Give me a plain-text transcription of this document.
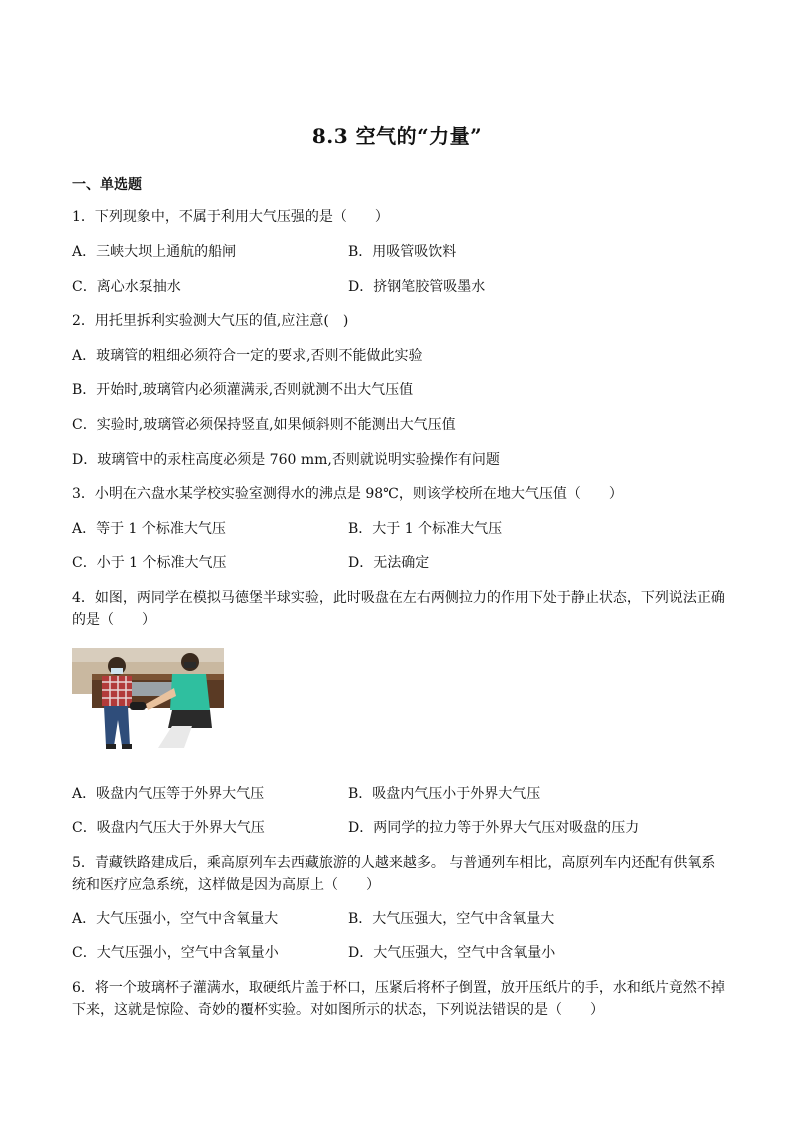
8.3 空气的“力量”
一、单选题
1．下列现象中，不属于利用大气压强的是（　　）
A．三峡大坝上通航的船闸	B．用吸管吸饮料
C．离心水泵抽水	D．挤钢笔胶管吸墨水
2．用托里拆利实验测大气压的值,应注意(　)
A．玻璃管的粗细必须符合一定的要求,否则不能做此实验
B．开始时,玻璃管内必须灌满汞,否则就测不出大气压值
C．实验时,玻璃管必须保持竖直,如果倾斜则不能测出大气压值
D．玻璃管中的汞柱高度必须是 760 mm,否则就说明实验操作有问题
3．小明在六盘水某学校实验室测得水的沸点是 98℃，则该学校所在地大气压值（　　）
A．等于 1 个标准大气压	B．大于 1 个标准大气压
C．小于 1 个标准大气压	D．无法确定
4．如图，两同学在模拟马德堡半球实验，此时吸盘在左右两侧拉力的作用下处于静止状态，下列说法正确
的是（　　）
A．吸盘内气压等于外界大气压	B．吸盘内气压小于外界大气压
C．吸盘内气压大于外界大气压	D．两同学的拉力等于外界大气压对吸盘的压力
5．青藏铁路建成后，乘高原列车去西藏旅游的人越来越多。 与普通列车相比，高原列车内还配有供氧系
统和医疗应急系统，这样做是因为高原上（　　）
A．大气压强小，空气中含氧量大	B．大气压强大，空气中含氧量大
C．大气压强小，空气中含氧量小	D．大气压强大，空气中含氧量小
6．将一个玻璃杯子灌满水，取硬纸片盖于杯口，压紧后将杯子倒置，放开压纸片的手，水和纸片竟然不掉
下来，这就是惊险、奇妙的覆杯实验。对如图所示的状态，下列说法错误的是（　　）
